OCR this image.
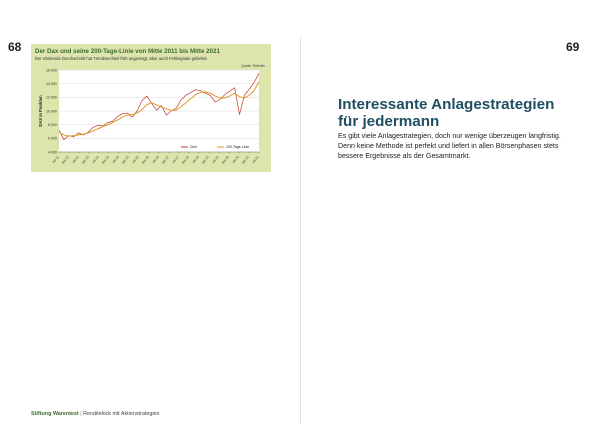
68	69
4 000
6 000
8 000
10 000
12 000
14 000
16 000
Jul 11 Jan 12 Jul 12 Jan 13 Jul 13 Jan 14 Jul 14 Jan 15 Jul 15 Jan 16 Jul 16 Jan 17 Jul 17 Jan 18 Jul 18 Jan 19 Jul 19 Jan 20 Jul 20 Jan 21 Jul 21
DAX in Punkten
DAX	200-Tage-Linie
Der Dax und seine 200-Tage-Linie von Mitte 2011 bis Mitte 2021
Der Gleitende Durchschnitt hat Trendwechsel früh angezeigt, aber auch Fehlsignale geliefert.
Quelle: Refinitiv
Interessante Anlagestrategien
für jedermann
Es gibt viele Anlagestrategien, doch nur wenige überzeugen langfristig. Denn keine Methode ist perfekt und liefert in allen Börsenphasen stets bessere Ergebnisse als der Gesamtmarkt.
Stiftung Warentest | Renditekick mit Aktienstrategien
